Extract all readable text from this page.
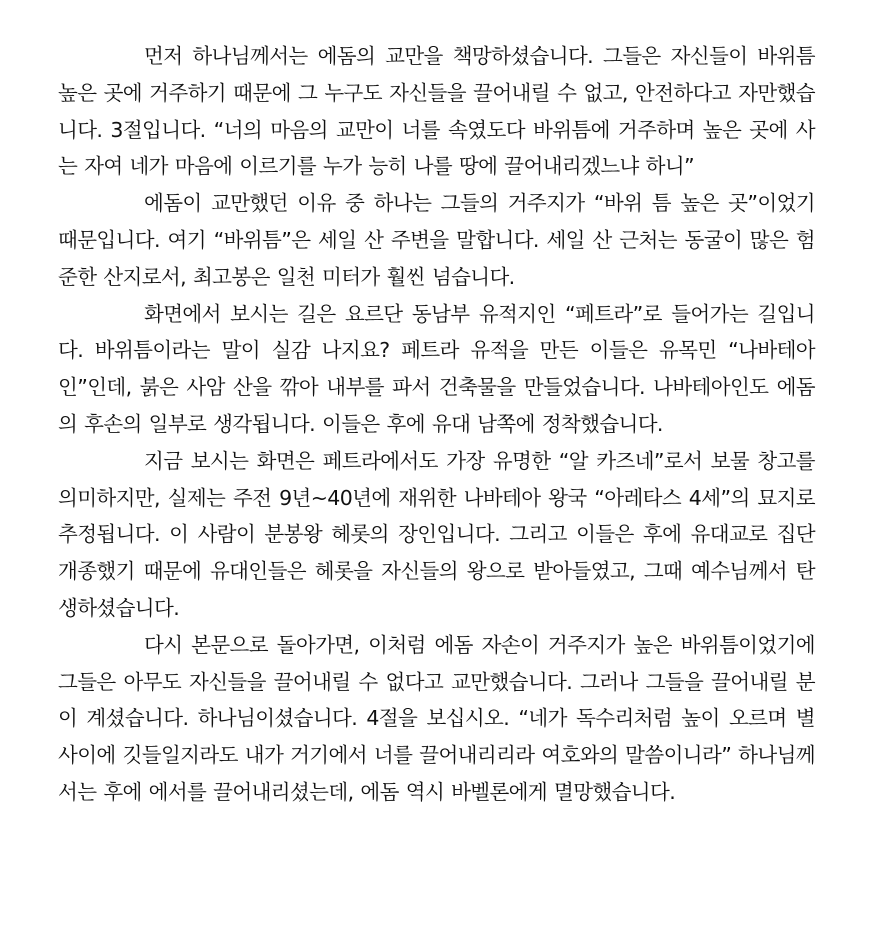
먼저 하나님께서는 에돔의 교만을 책망하셨습니다. 그들은 자신들이 바위틈 높은 곳에 거주하기 때문에 그 누구도 자신들을 끌어내릴 수 없고, 안전하다고 자만했습니다. 3절입니다. “너의 마음의 교만이 너를 속였도다 바위틈에 거주하며 높은 곳에 사는 자여 네가 마음에 이르기를 누가 능히 나를 땅에 끌어내리겠느냐 하니”

에돔이 교만했던 이유 중 하나는 그들의 거주지가 “바위 틈 높은 곳”이었기 때문입니다. 여기 “바위틈”은 세일 산 주변을 말합니다. 세일 산 근처는 동굴이 많은 험준한 산지로서, 최고봉은 일천 미터가 훨씬 넘습니다.

화면에서 보시는 길은 요르단 동남부 유적지인 “페트라”로 들어가는 길입니다. 바위틈이라는 말이 실감 나지요? 페트라 유적을 만든 이들은 유목민 “나바테아인”인데, 붉은 사암 산을 깎아 내부를 파서 건축물을 만들었습니다. 나바테아인도 에돔의 후손의 일부로 생각됩니다. 이들은 후에 유대 남쪽에 정착했습니다.

지금 보시는 화면은 페트라에서도 가장 유명한 “알 카즈네”로서 보물 창고를 의미하지만, 실제는 주전 9년~40년에 재위한 나바테아 왕국 “아레타스 4세”의 묘지로 추정됩니다. 이 사람이 분봉왕 헤롯의 장인입니다. 그리고 이들은 후에 유대교로 집단 개종했기 때문에 유대인들은 헤롯을 자신들의 왕으로 받아들였고, 그때 예수님께서 탄생하셨습니다.

다시 본문으로 돌아가면, 이처럼 에돔 자손이 거주지가 높은 바위틈이었기에 그들은 아무도 자신들을 끌어내릴 수 없다고 교만했습니다. 그러나 그들을 끌어내릴 분이 계셨습니다. 하나님이셨습니다. 4절을 보십시오. “네가 독수리처럼 높이 오르며 별 사이에 깃들일지라도 내가 거기에서 너를 끌어내리리라 여호와의 말씀이니라” 하나님께서는 후에 에서를 끌어내리셨는데, 에돔 역시 바벨론에게 멸망했습니다.
